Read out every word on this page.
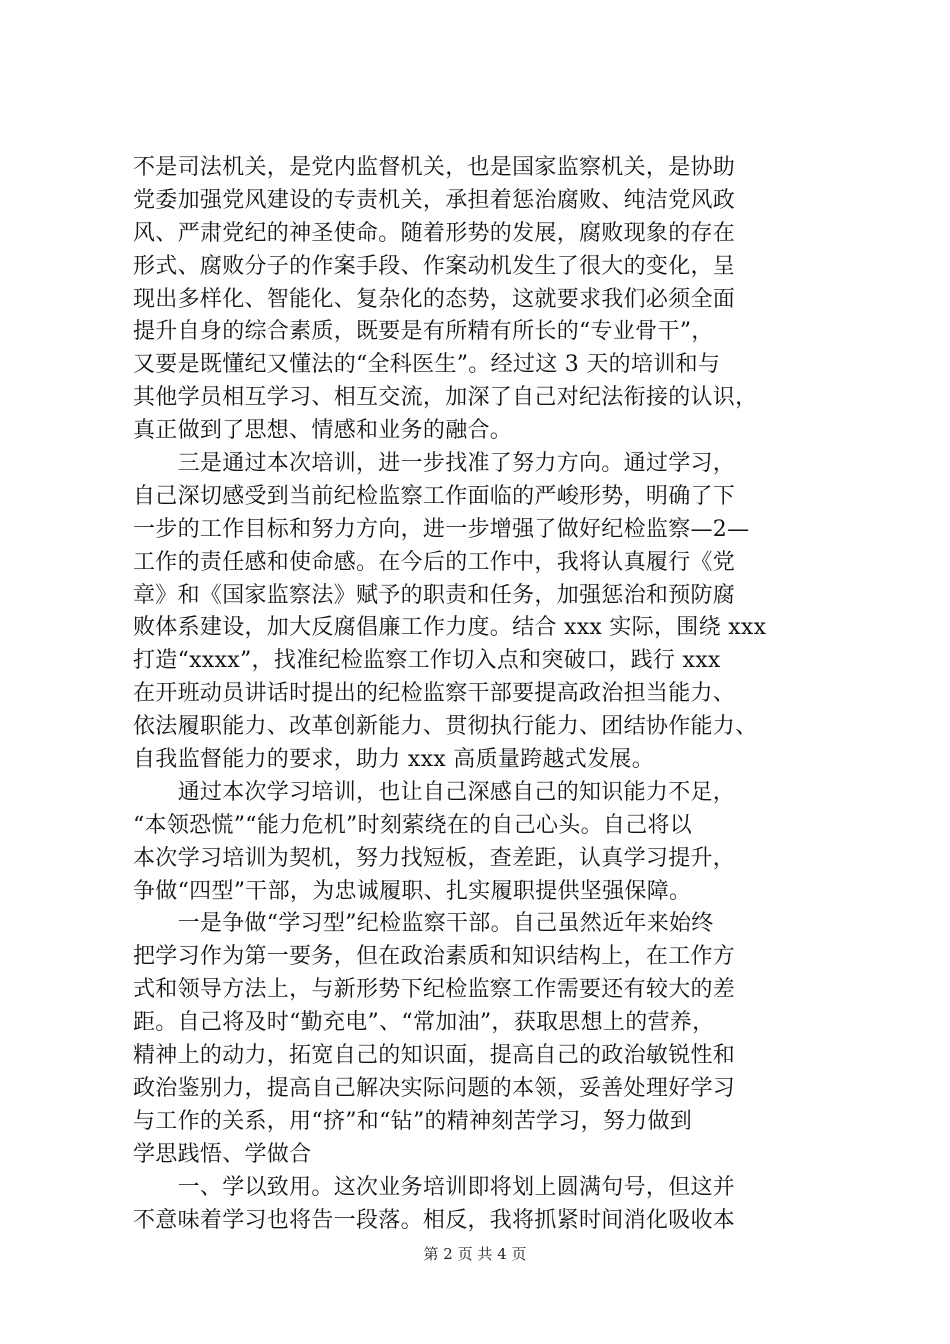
不是司法机关，是党内监督机关，也是国家监察机关，是协助
党委加强党风建设的专责机关，承担着惩治腐败、纯洁党风政
风、严肃党纪的神圣使命。随着形势的发展，腐败现象的存在
形式、腐败分子的作案手段、作案动机发生了很大的变化，呈
现出多样化、智能化、复杂化的态势，这就要求我们必须全面
提升自身的综合素质，既要是有所精有所长的“专业骨干”，
又要是既懂纪又懂法的“全科医生”。经过这 3 天的培训和与
其他学员相互学习、相互交流，加深了自己对纪法衔接的认识，
真正做到了思想、情感和业务的融合。
　　三是通过本次培训，进一步找准了努力方向。通过学习，
自己深切感受到当前纪检监察工作面临的严峻形势，明确了下
一步的工作目标和努力方向，进一步增强了做好纪检监察—2—
工作的责任感和使命感。在今后的工作中，我将认真履行《党
章》和《国家监察法》赋予的职责和任务，加强惩治和预防腐
败体系建设，加大反腐倡廉工作力度。结合 xxx 实际，围绕 xxx
打造“xxxx”，找准纪检监察工作切入点和突破口，践行 xxx
在开班动员讲话时提出的纪检监察干部要提高政治担当能力、
依法履职能力、改革创新能力、贯彻执行能力、团结协作能力、
自我监督能力的要求，助力 xxx 高质量跨越式发展。
　　通过本次学习培训，也让自己深感自己的知识能力不足，
“本领恐慌”“能力危机”时刻萦绕在的自己心头。自己将以
本次学习培训为契机，努力找短板，查差距，认真学习提升，
争做“四型”干部，为忠诚履职、扎实履职提供坚强保障。
　　一是争做“学习型”纪检监察干部。自己虽然近年来始终
把学习作为第一要务，但在政治素质和知识结构上，在工作方
式和领导方法上，与新形势下纪检监察工作需要还有较大的差
距。自己将及时“勤充电”、“常加油”，获取思想上的营养，
精神上的动力，拓宽自己的知识面，提高自己的政治敏锐性和
政治鉴别力，提高自己解决实际问题的本领，妥善处理好学习
与工作的关系，用“挤”和“钻”的精神刻苦学习，努力做到
学思践悟、学做合
　　一、学以致用。这次业务培训即将划上圆满句号，但这并
不意味着学习也将告一段落。相反，我将抓紧时间消化吸收本
第 2 页 共 4 页
